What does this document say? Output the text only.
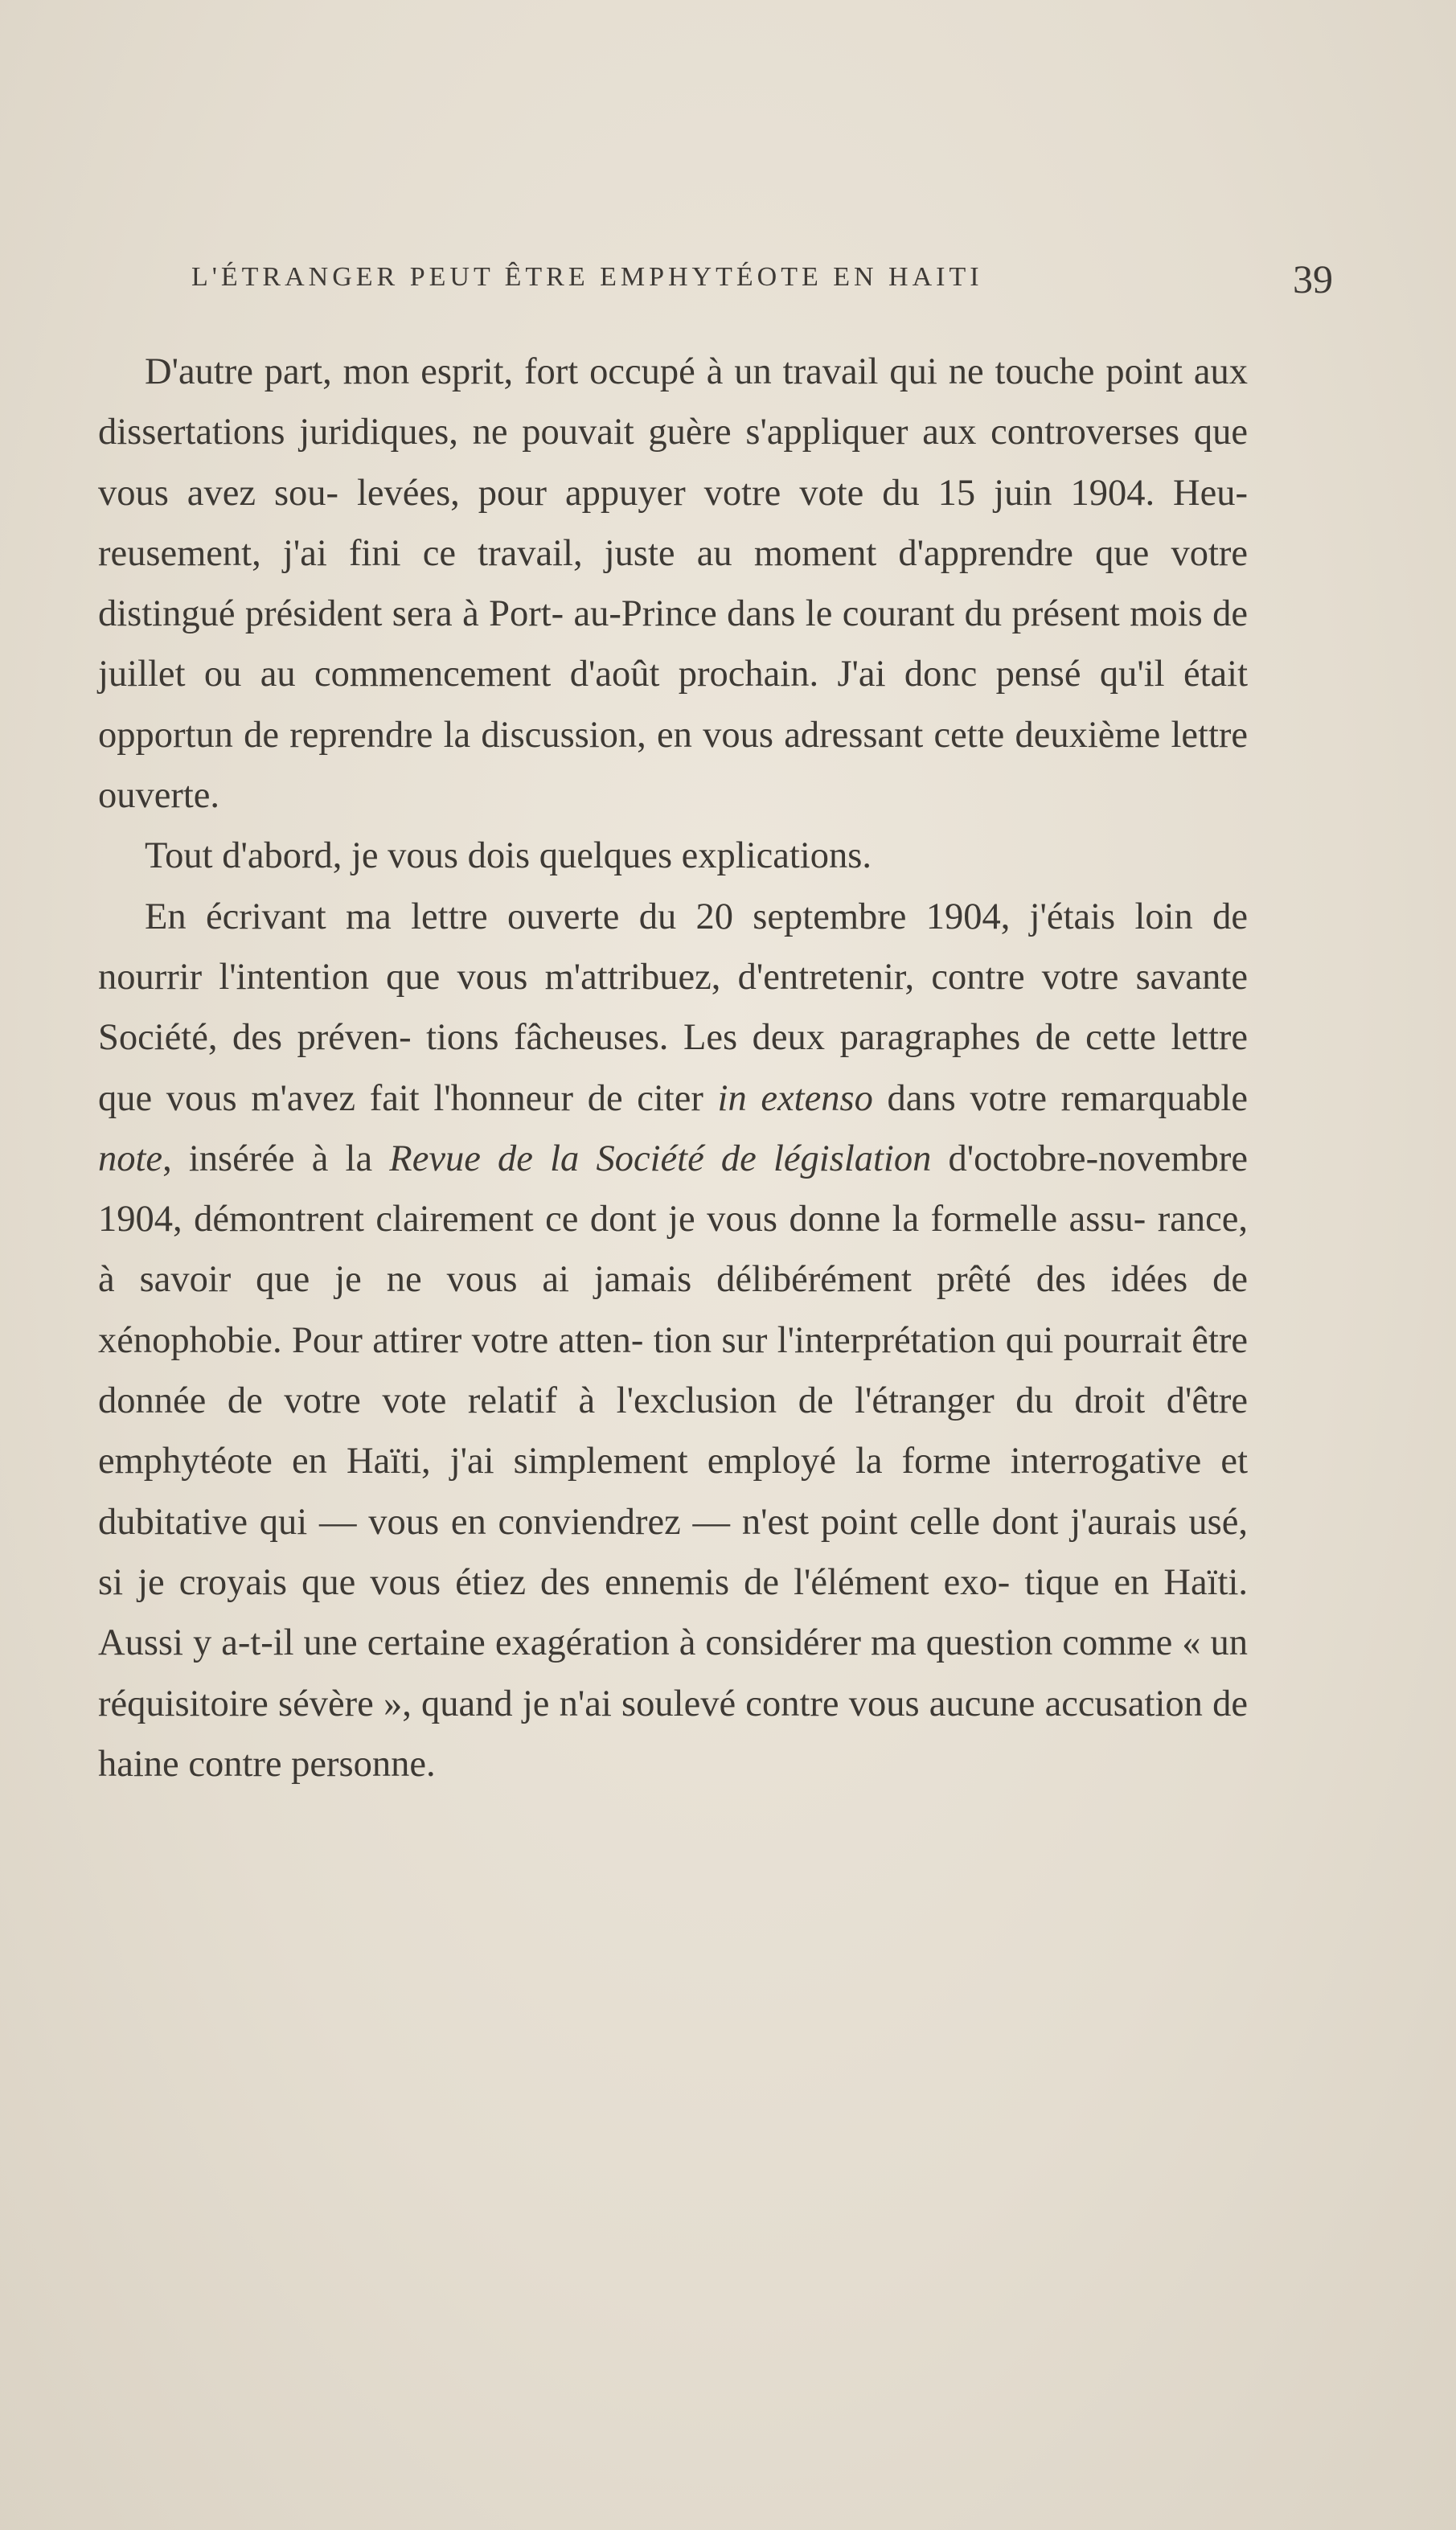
L'ÉTRANGER PEUT ÊTRE EMPHYTÉOTE EN HAITI	39

D'autre part, mon esprit, fort occupé à un travail qui ne touche point aux dissertations juridiques, ne pouvait guère s'appliquer aux controverses que vous avez sou- levées, pour appuyer votre vote du 15 juin 1904. Heu- reusement, j'ai fini ce travail, juste au moment d'apprendre que votre distingué président sera à Port- au-Prince dans le courant du présent mois de juillet ou au commencement d'août prochain. J'ai donc pensé qu'il était opportun de reprendre la discussion, en vous adressant cette deuxième lettre ouverte.

Tout d'abord, je vous dois quelques explications.

En écrivant ma lettre ouverte du 20 septembre 1904, j'étais loin de nourrir l'intention que vous m'attribuez, d'entretenir, contre votre savante Société, des préven- tions fâcheuses. Les deux paragraphes de cette lettre que vous m'avez fait l'honneur de citer in extenso dans votre remarquable note, insérée à la Revue de la Société de législation d'octobre-novembre 1904, démontrent clairement ce dont je vous donne la formelle assu- rance, à savoir que je ne vous ai jamais délibérément prêté des idées de xénophobie. Pour attirer votre atten- tion sur l'interprétation qui pourrait être donnée de votre vote relatif à l'exclusion de l'étranger du droit d'être emphytéote en Haïti, j'ai simplement employé la forme interrogative et dubitative qui — vous en conviendrez — n'est point celle dont j'aurais usé, si je croyais que vous étiez des ennemis de l'élément exo- tique en Haïti. Aussi y a-t-il une certaine exagération à considérer ma question comme « un réquisitoire sévère », quand je n'ai soulevé contre vous aucune accusation de haine contre personne.
